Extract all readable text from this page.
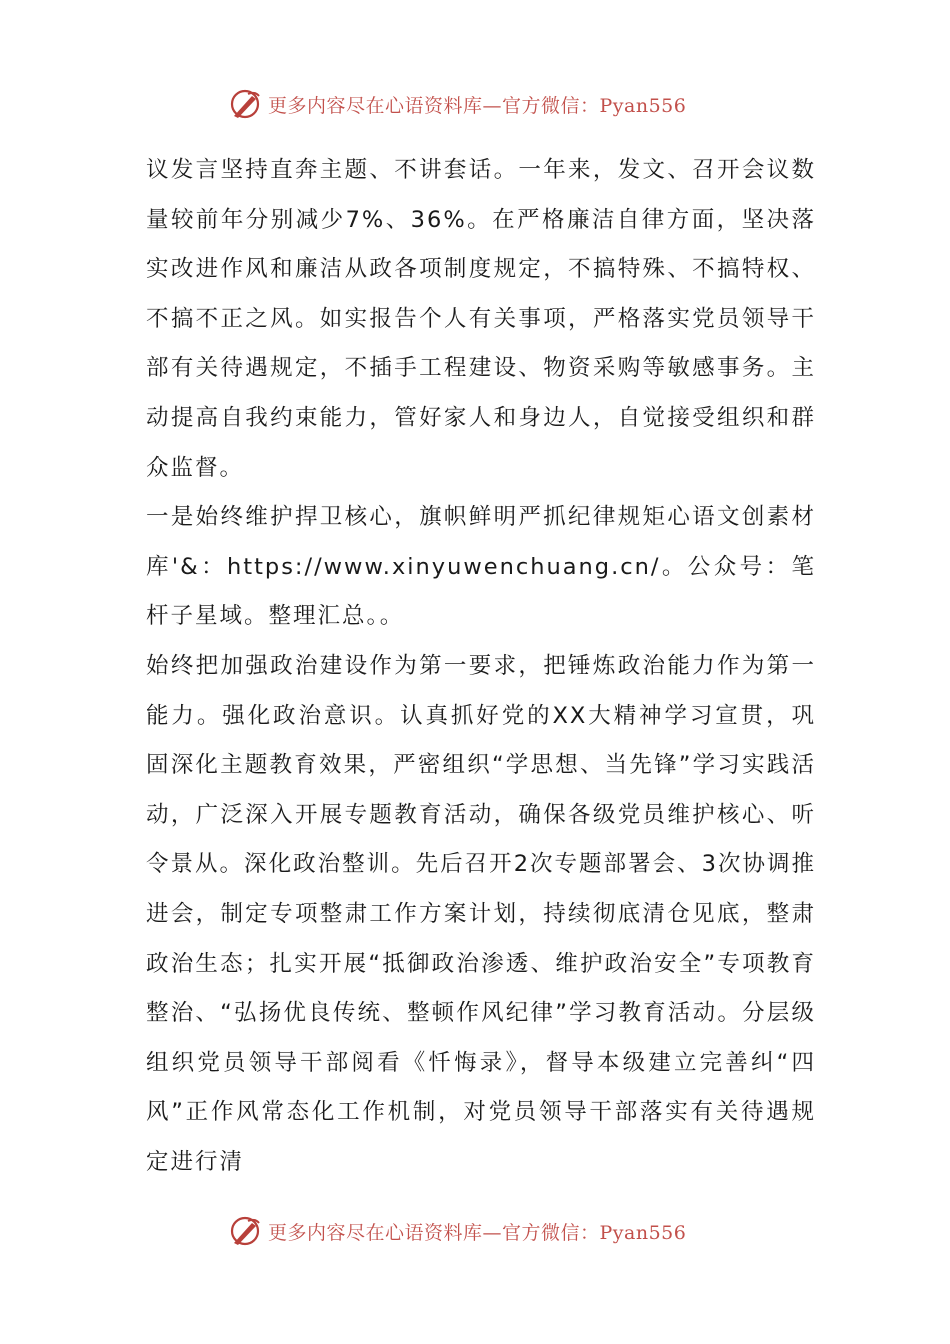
更多内容尽在心语资料库—官方微信：Pyan556

议发言坚持直奔主题、不讲套话。一年来，发文、召开会议数量较前年分别减少7%、36%。在严格廉洁自律方面，坚决落实改进作风和廉洁从政各项制度规定，不搞特殊、不搞特权、不搞不正之风。如实报告个人有关事项，严格落实党员领导干部有关待遇规定，不插手工程建设、物资采购等敏感事务。主动提高自我约束能力，管好家人和身边人，自觉接受组织和群众监督。

一是始终维护捍卫核心，旗帜鲜明严抓纪律规矩心语文创素材库'&：https://www.xinyuwenchuang.cn/。公众号：笔杆子星域。整理汇总。。

始终把加强政治建设作为第一要求，把锤炼政治能力作为第一能力。强化政治意识。认真抓好党的XX大精神学习宣贯，巩固深化主题教育效果，严密组织“学思想、当先锋”学习实践活动，广泛深入开展专题教育活动，确保各级党员维护核心、听令景从。深化政治整训。先后召开2次专题部署会、3次协调推进会，制定专项整肃工作方案计划，持续彻底清仓见底，整肃政治生态；扎实开展“抵御政治渗透、维护政治安全”专项教育整治、“弘扬优良传统、整顿作风纪律”学习教育活动。分层级组织党员领导干部阅看《忏悔录》，督导本级建立完善纠“四风”正作风常态化工作机制，对党员领导干部落实有关待遇规定进行清

更多内容尽在心语资料库—官方微信：Pyan556
